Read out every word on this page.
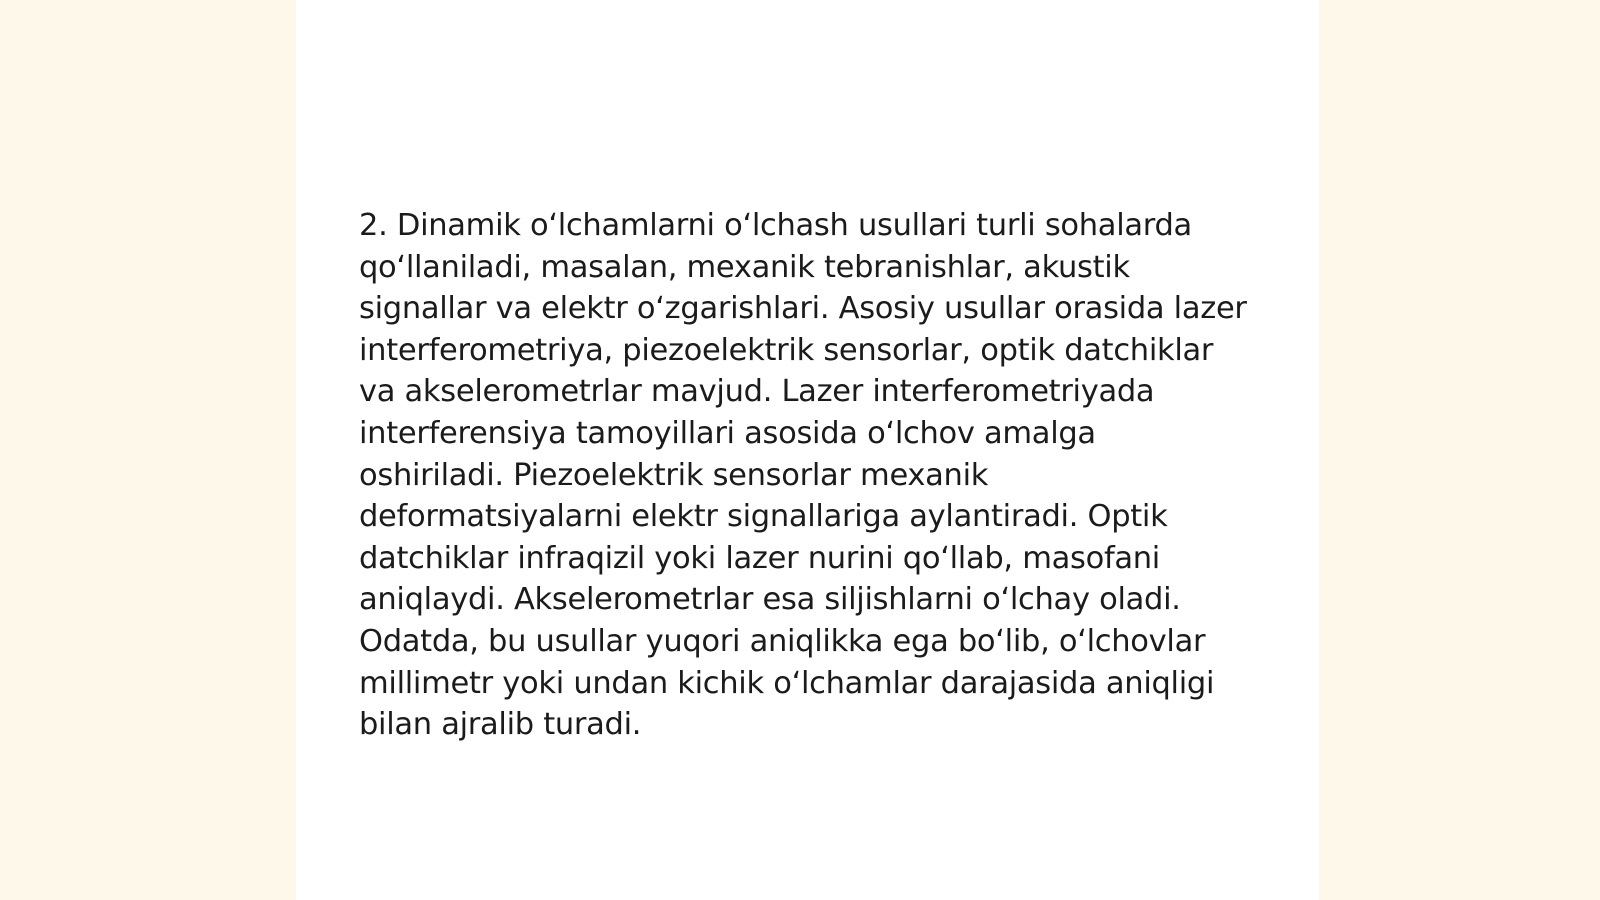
2. Dinamik oʻlchamlarni oʻlchash usullari turli sohalarda qoʻllaniladi, masalan, mexanik tebranishlar, akustik signallar va elektr oʻzgarishlari. Asosiy usullar orasida lazer interferometriya, piezoelektrik sensorlar, optik datchiklar va akselerometrlar mavjud. Lazer interferometriyada interferensiya tamoyillari asosida oʻlchov amalga oshiriladi. Piezoelektrik sensorlar mexanik deformatsiyalarni elektr signallariga aylantiradi. Optik datchiklar infraqizil yoki lazer nurini qoʻllab, masofani aniqlaydi. Akselerometrlar esa siljishlarni oʻlchay oladi. Odatda, bu usullar yuqori aniqlikka ega boʻlib, oʻlchovlar millimetr yoki undan kichik oʻlchamlar darajasida aniqligi bilan ajralib turadi.
